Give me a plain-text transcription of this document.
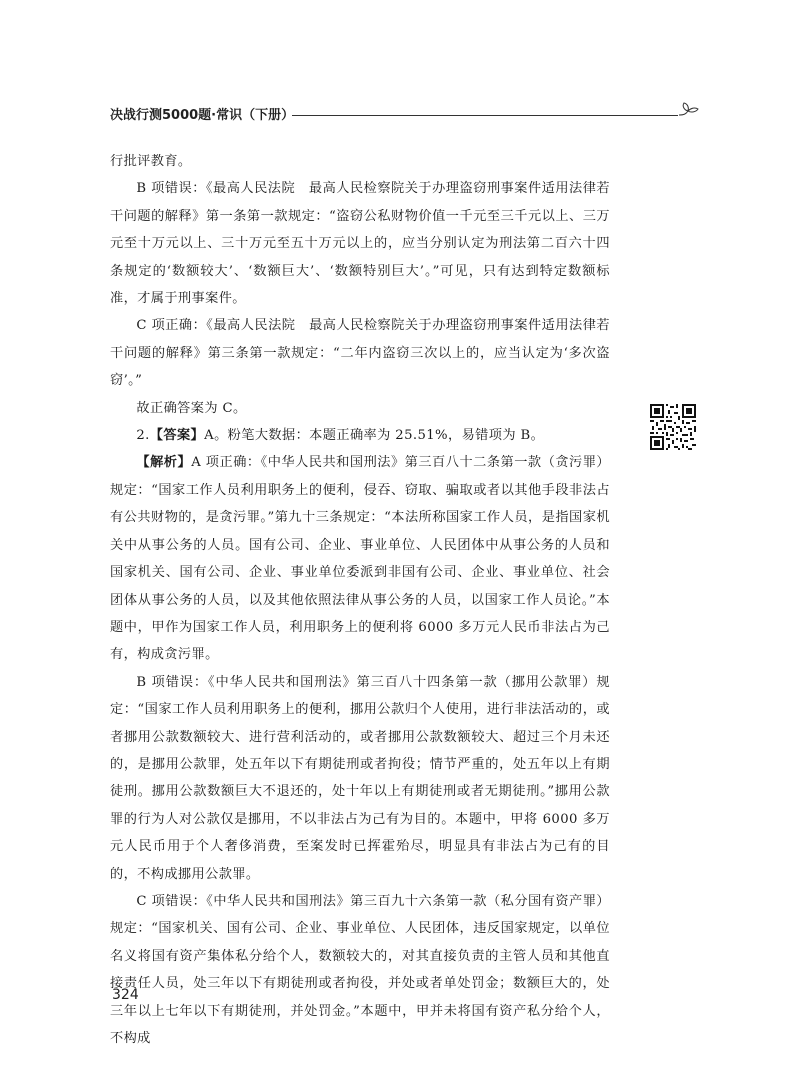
决战行测5000题·常识（下册）

行批评教育。

B 项错误：《最高人民法院　最高人民检察院关于办理盗窃刑事案件适用法律若干问题的解释》第一条第一款规定：“盗窃公私财物价值一千元至三千元以上、三万元至十万元以上、三十万元至五十万元以上的，应当分别认定为刑法第二百六十四条规定的‘数额较大’、‘数额巨大’、‘数额特别巨大’。”可见，只有达到特定数额标准，才属于刑事案件。

C 项正确：《最高人民法院　最高人民检察院关于办理盗窃刑事案件适用法律若干问题的解释》第三条第一款规定：“二年内盗窃三次以上的，应当认定为‘多次盗窃’。”

故正确答案为 C。

2.【答案】A。粉笔大数据：本题正确率为 25.51%，易错项为 B。

【解析】A 项正确：《中华人民共和国刑法》第三百八十二条第一款（贪污罪）规定：“国家工作人员利用职务上的便利，侵吞、窃取、骗取或者以其他手段非法占有公共财物的，是贪污罪。”第九十三条规定：“本法所称国家工作人员，是指国家机关中从事公务的人员。国有公司、企业、事业单位、人民团体中从事公务的人员和国家机关、国有公司、企业、事业单位委派到非国有公司、企业、事业单位、社会团体从事公务的人员，以及其他依照法律从事公务的人员，以国家工作人员论。”本题中，甲作为国家工作人员，利用职务上的便利将 6000 多万元人民币非法占为己有，构成贪污罪。

B 项错误：《中华人民共和国刑法》第三百八十四条第一款（挪用公款罪）规定：“国家工作人员利用职务上的便利，挪用公款归个人使用，进行非法活动的，或者挪用公款数额较大、进行营利活动的，或者挪用公款数额较大、超过三个月未还的，是挪用公款罪，处五年以下有期徒刑或者拘役；情节严重的，处五年以上有期徒刑。挪用公款数额巨大不退还的，处十年以上有期徒刑或者无期徒刑。”挪用公款罪的行为人对公款仅是挪用，不以非法占为己有为目的。本题中，甲将 6000 多万元人民币用于个人奢侈消费，至案发时已挥霍殆尽，明显具有非法占为己有的目的，不构成挪用公款罪。

C 项错误：《中华人民共和国刑法》第三百九十六条第一款（私分国有资产罪）规定：“国家机关、国有公司、企业、事业单位、人民团体，违反国家规定，以单位名义将国有资产集体私分给个人，数额较大的，对其直接负责的主管人员和其他直接责任人员，处三年以下有期徒刑或者拘役，并处或者单处罚金；数额巨大的，处三年以上七年以下有期徒刑，并处罚金。”本题中，甲并未将国有资产私分给个人，不构成

324
